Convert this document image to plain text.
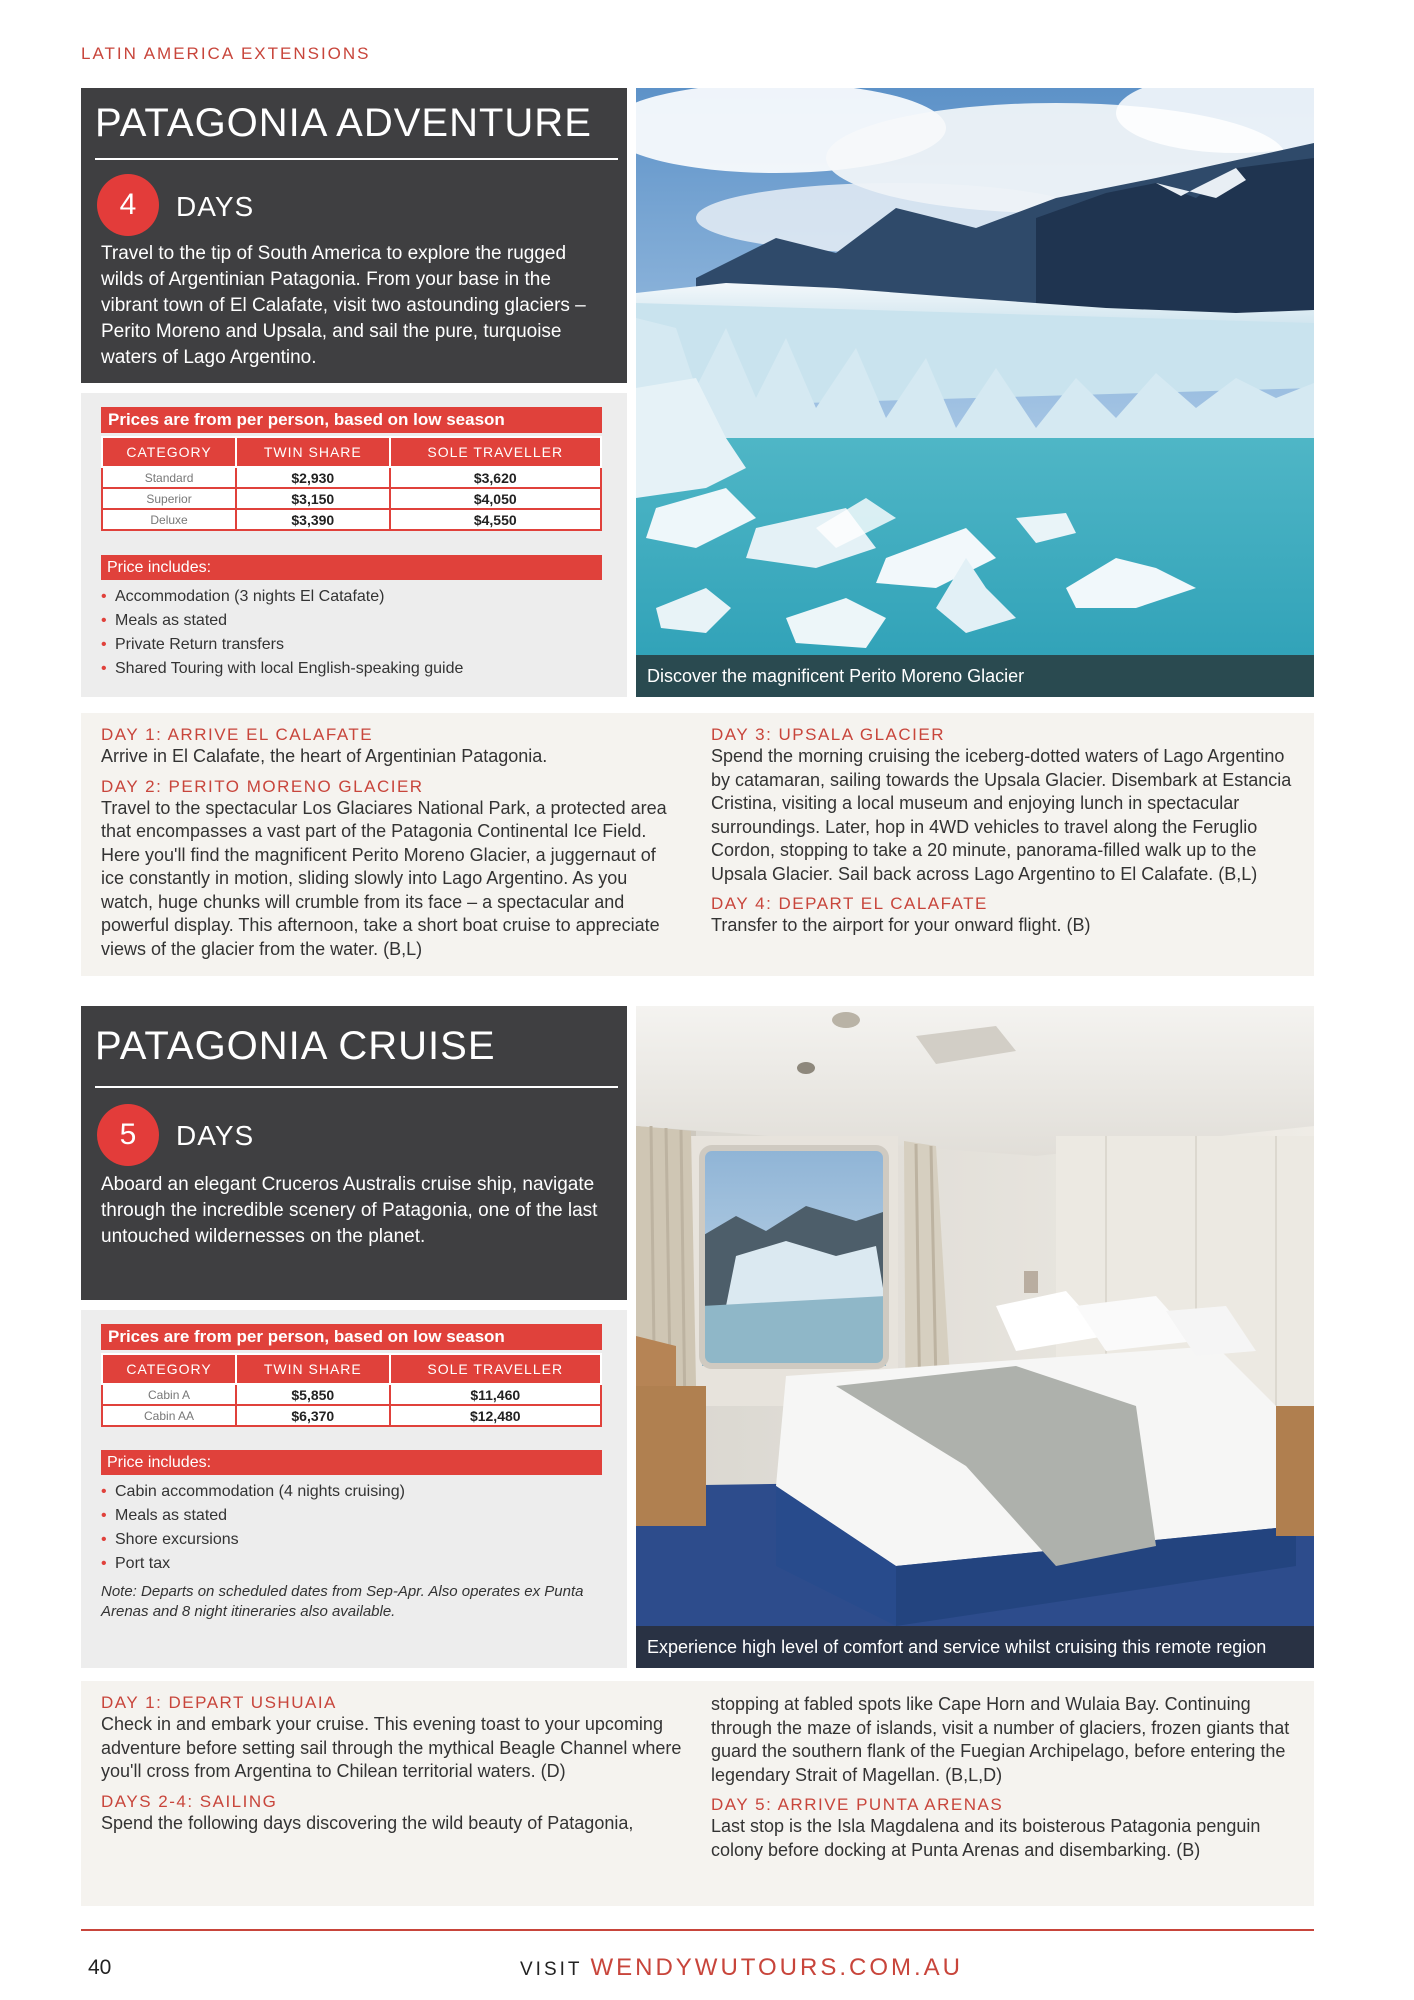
LATIN AMERICA EXTENSIONS
PATAGONIA ADVENTURE
4	DAYS
Travel to the tip of South America to explore the rugged wilds of Argentinian Patagonia. From your base in the vibrant town of El Calafate, visit two astounding glaciers – Perito Moreno and Upsala, and sail the pure, turquoise waters of Lago Argentino.
Prices are from per person, based on low season
CATEGORY	TWIN SHARE	SOLE TRAVELLER
Standard	$2,930	$3,620
Superior	$3,150	$4,050
Deluxe	$3,390	$4,550
Price includes:
• Accommodation (3 nights El Catafate)
• Meals as stated
• Private Return transfers
• Shared Touring with local English-speaking guide	Discover the magnificent Perito Moreno Glacier
DAY 1: ARRIVE EL CALAFATE
Arrive in El Calafate, the heart of Argentinian Patagonia.
DAY 2: PERITO MORENO GLACIER
Travel to the spectacular Los Glaciares National Park, a protected area that encompasses a vast part of the Patagonia Continental Ice Field. Here you'll find the magnificent Perito Moreno Glacier, a juggernaut of ice constantly in motion, sliding slowly into Lago Argentino. As you watch, huge chunks will crumble from its face – a spectacular and powerful display. This afternoon, take a short boat cruise to appreciate views of the glacier from the water. (B,L)
DAY 3: UPSALA GLACIER
Spend the morning cruising the iceberg-dotted waters of Lago Argentino by catamaran, sailing towards the Upsala Glacier. Disembark at Estancia Cristina, visiting a local museum and enjoying lunch in spectacular surroundings. Later, hop in 4WD vehicles to travel along the Feruglio Cordon, stopping to take a 20 minute, panorama-filled walk up to the Upsala Glacier. Sail back across Lago Argentino to El Calafate. (B,L)
DAY 4: DEPART EL CALAFATE
Transfer to the airport for your onward flight. (B)
PATAGONIA CRUISE
5	DAYS
Aboard an elegant Cruceros Australis cruise ship, navigate through the incredible scenery of Patagonia, one of the last untouched wildernesses on the planet.
Prices are from per person, based on low season
CATEGORY	TWIN SHARE	SOLE TRAVELLER
Cabin A	$5,850	$11,460
Cabin AA	$6,370	$12,480
Price includes:
• Cabin accommodation (4 nights cruising)
• Meals as stated
• Shore excursions
• Port tax
Note: Departs on scheduled dates from Sep-Apr. Also operates ex Punta Arenas and 8 night itineraries also available.
Experience high level of comfort and service whilst cruising this remote region
DAY 1: DEPART USHUAIA
Check in and embark your cruise. This evening toast to your upcoming adventure before setting sail through the mythical Beagle Channel where you'll cross from Argentina to Chilean territorial waters. (D)
DAYS 2-4: SAILING
Spend the following days discovering the wild beauty of Patagonia,
stopping at fabled spots like Cape Horn and Wulaia Bay. Continuing through the maze of islands, visit a number of glaciers, frozen giants that guard the southern flank of the Fuegian Archipelago, before entering the legendary Strait of Magellan. (B,L,D)
DAY 5: ARRIVE PUNTA ARENAS
Last stop is the Isla Magdalena and its boisterous Patagonia penguin colony before docking at Punta Arenas and disembarking. (B)
40	VISIT WENDYWUTOURS.COM.AU
